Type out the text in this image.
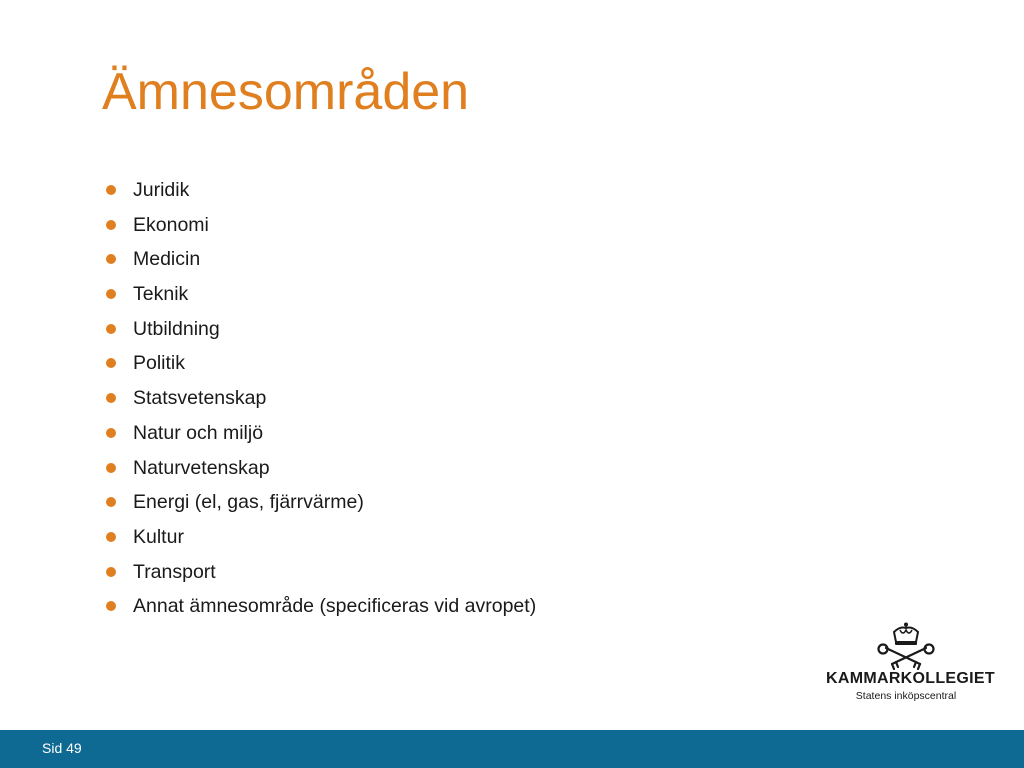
Ämnesområden
Juridik
Ekonomi
Medicin
Teknik
Utbildning
Politik
Statsvetenskap
Natur och miljö
Naturvetenskap
Energi (el, gas, fjärrvärme)
Kultur
Transport
Annat ämnesområde (specificeras vid avropet)
KAMMARKOLLEGIET
Statens inköpscentral
Sid 49
